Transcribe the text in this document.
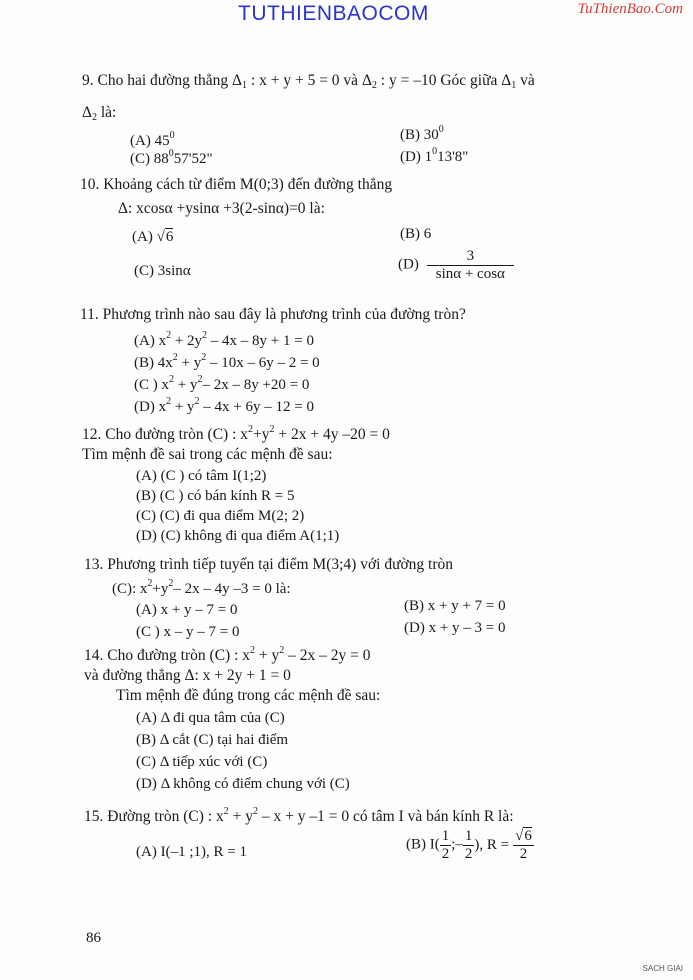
TUTHIENBAOCOM	TuThienBao.Com
9. Cho hai đường thẳng $\Delta_1$ : x + y + 5 = 0 và $\Delta_2$ : y = –10 Góc giữa $\Delta_1$ và
$\Delta_2$ là:
(A) $45^0$	(B) $30^0$
(C) $88^057'52$"	(D) $1^013'8$"
10. Khoảng cách từ điểm M(0;3) đến đường thẳng
Δ: xcosα +ysinα +3(2-sinα)=0 là:
(A) √6	(B) 6
(C) 3sinα	$(D) \frac{3}{\sin\alpha + \cos\alpha}$
11. Phương trình nào sau đây là phương trình của đường tròn?
(A) $x^2 + 2y^2 - 4x - 8y + 1 = 0$
(B) $4x^2 + y^2 - 10x - 6y - 2 = 0$
(C ) $x^2 + y^2-$ 2x – 8y +20 = 0
(D) $x^2 + y^2 - 4x + 6y - 12 = 0$
12. Cho đường tròn (C) : $x^2+y^2 + 2x + 4y$ –20 = 0
Tìm mệnh đề sai trong các mệnh đề sau:
(A) (C ) có tâm I(1;2)
(B) (C ) có bán kính R = 5
(C) (C) đi qua điểm M(2; 2)
(D) (C) không đi qua điểm A(1;1)
13. Phương trình tiếp tuyến tại điểm M(3;4) với đường tròn
(C): $x^2+y^2-$ 2x – 4y –3 = 0 là:
(A) x + y – 7 = 0	(B) x + y + 7 = 0
(C ) x – y – 7 = 0	(D) x + y – 3 = 0
14. Cho đường tròn (C) : $x^2 + y^2 - 2x - 2y = 0$
và đường thẳng Δ: x + 2y + 1 = 0
Tìm mệnh đề đúng trong các mệnh đề sau:
(A) Δ đi qua tâm của (C)
(B) Δ cắt (C) tại hai điểm
(C) Δ tiếp xúc với (C)
(D) Δ không có điểm chung với (C)
15. Đường tròn (C) : $x^2 + y^2 - x + y$ –1 = 0 có tâm I và bán kính R là:
(A) I(–1 ;1), R = 1	(B) $I( \frac{1}{2}$ ;– $\frac{1}{2}$ ), $R = \frac{√6}{2}$
86
SACH GIAI
